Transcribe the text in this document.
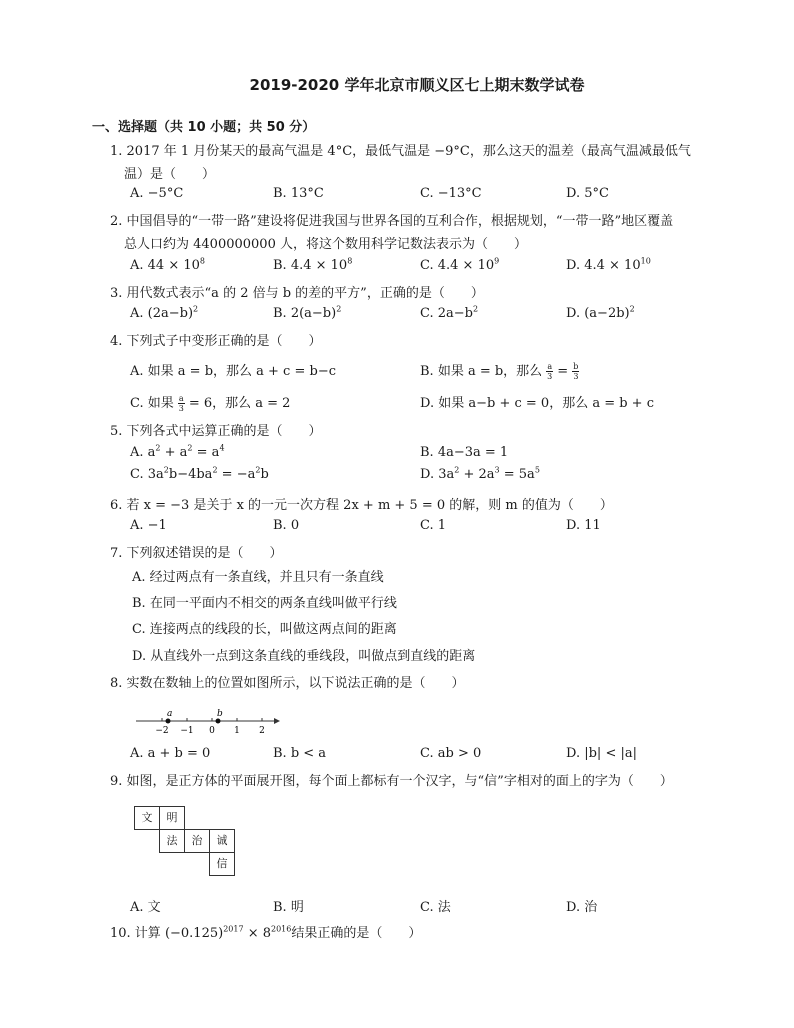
2019-2020 学年北京市顺义区七上期末数学试卷
一、选择题（共 10 小题；共 50 分）
1. 2017 年 1 月份某天的最高气温是 4°C，最低气温是 −9°C，那么这天的温差（最高气温减最低气
温）是（　　）
A. −5°C	B. 13°C	C. −13°C	D. 5°C
2. 中国倡导的“一带一路”建设将促进我国与世界各国的互利合作，根据规划，“一带一路”地区覆盖
总人口约为 4400000000 人，将这个数用科学记数法表示为（　　）
A. $44 \times 10^8$	B. $4.4 \times 10^8$	C. $4.4 \times 10^9$	D. $4.4 \times 10^{10}$
3. 用代数式表示“a 的 2 倍与 b 的差的平方”，正确的是（　　）
A. $(2a-b)^2$	B. $2(a-b)^2$	C. $2a-b^2$	D. $(a-2b)^2$
4. 下列式子中变形正确的是（　　）
A. 如果 a = b，那么 a + c = b−c	B. 如果 a = b，那么 $\frac{a}{3} = \frac{b}{3}$
C. 如果 $\frac{a}{3} = 6$，那么 a = 2	D. 如果 a−b + c = 0，那么 a = b + c
5. 下列各式中运算正确的是（　　）
A. $a^2 + a^2 = a^4$	B. 4a−3a = 1
C. $3a^2b-4ba^2 = -a^2b$	D. $3a^2 + 2a^3 = 5a^5$
6. 若 x = −3 是关于 x 的一元一次方程 2x + m + 5 = 0 的解，则 m 的值为（　　）
A. −1	B. 0	C. 1	D. 11
7. 下列叙述错误的是（　　）
A. 经过两点有一条直线，并且只有一条直线
B. 在同一平面内不相交的两条直线叫做平行线
C. 连接两点的线段的长，叫做这两点间的距离
D. 从直线外一点到这条直线的垂线段，叫做点到直线的距离
8. 实数在数轴上的位置如图所示，以下说法正确的是（　　）
−2 −1 0 1 2
a	b
A. a + b = 0	B. b < a	C. ab > 0	D. |b| < |a|
9. 如图，是正方体的平面展开图，每个面上都标有一个汉字，与“信”字相对的面上的字为（　　）
文	明
法	治	诚
信
A. 文	B. 明	C. 法	D. 治
10. 计算 $(-0.125)^{2017} \times 8^{2016}$结果正确的是（　　）
